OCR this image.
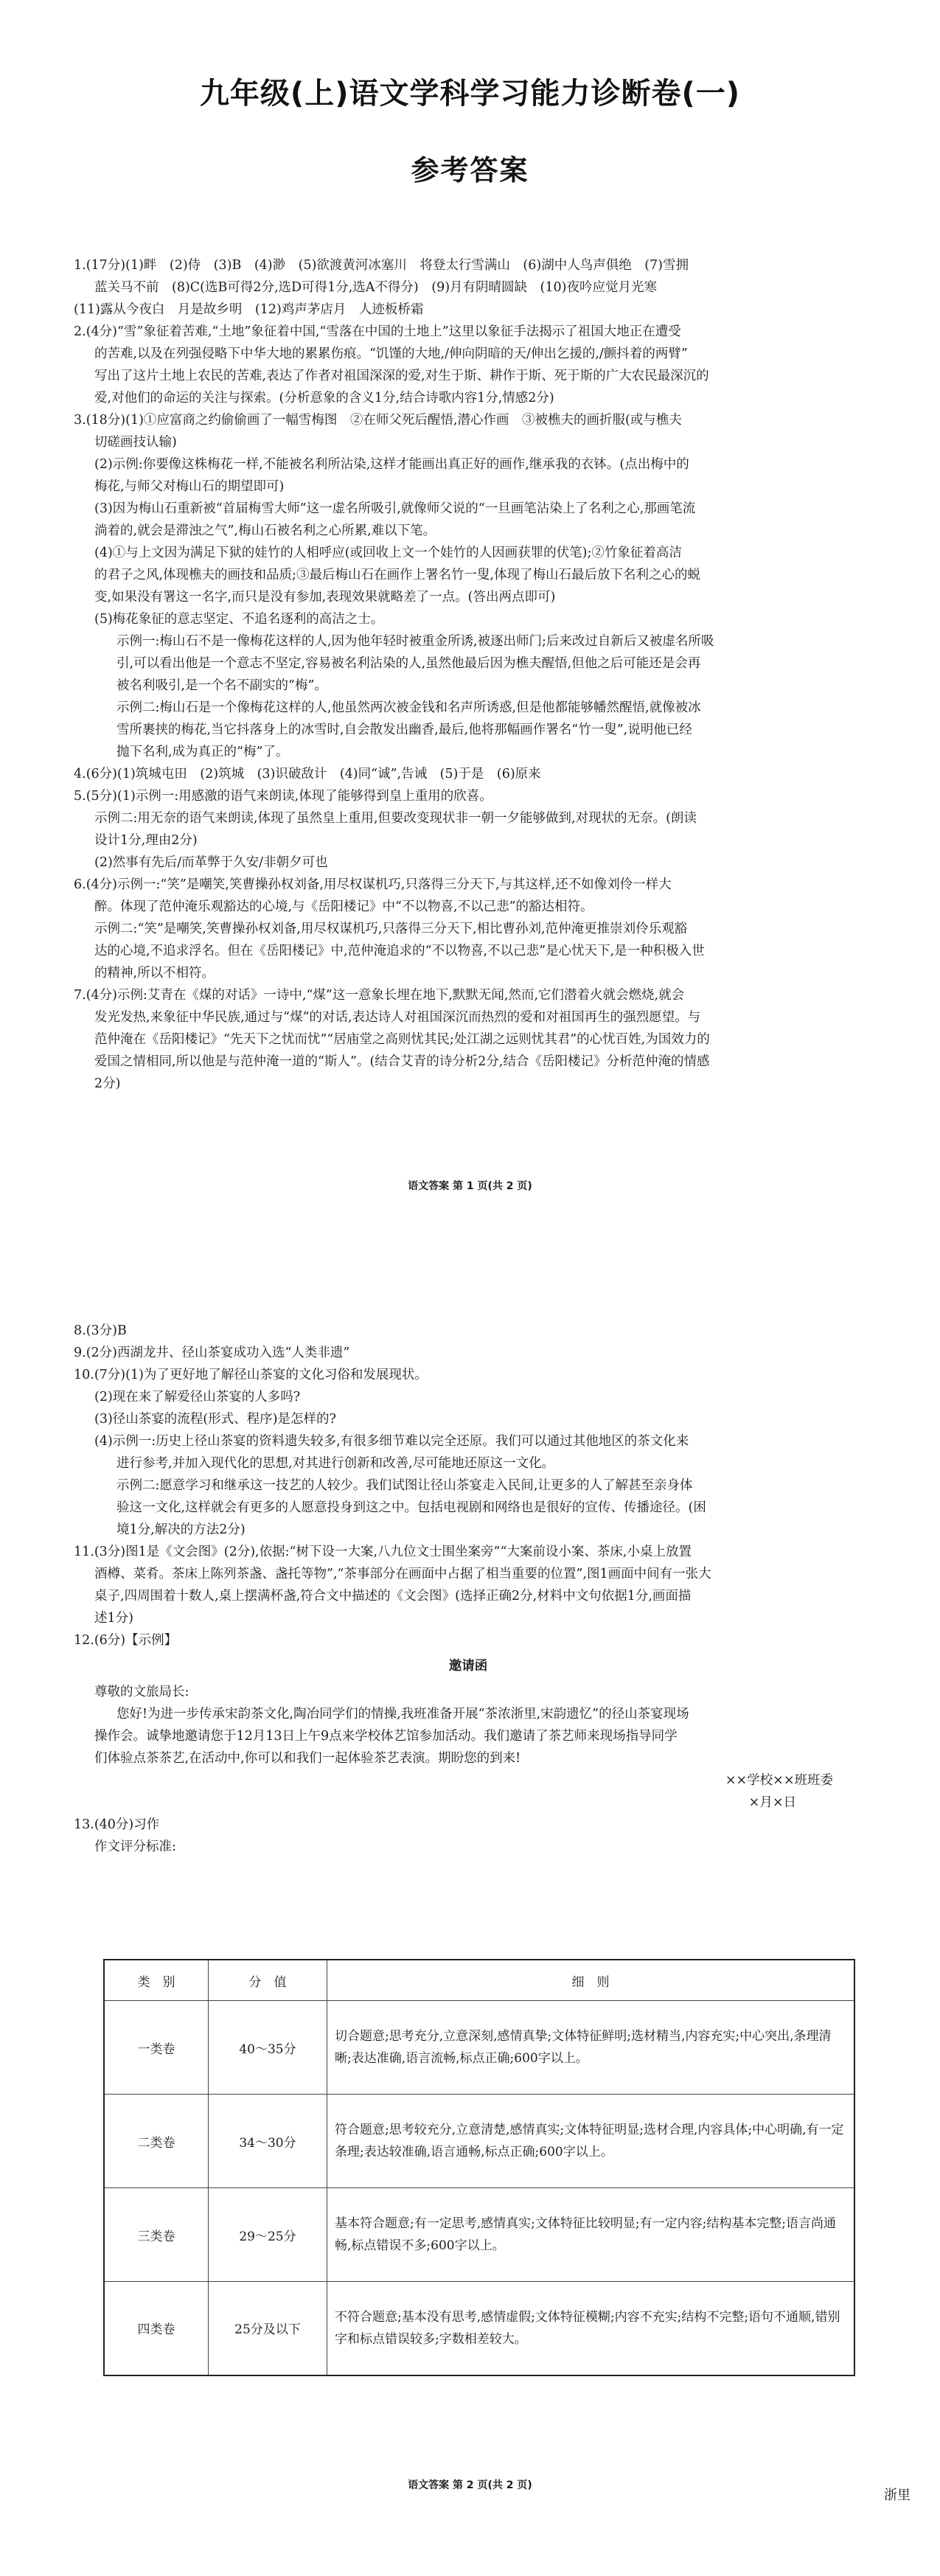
九年级(上)语文学科学习能力诊断卷(一)
参考答案
1.(17分)(1)畔　(2)侍　(3)B　(4)渺　(5)欲渡黄河冰塞川　将登太行雪满山　(6)湖中人鸟声俱绝　(7)雪拥
蓝关马不前　(8)C(选B可得2分,选D可得1分,选A不得分)　(9)月有阴晴圆缺　(10)夜吟应觉月光寒
(11)露从今夜白　月是故乡明　(12)鸡声茅店月　人迹板桥霜
2.(4分)“雪”象征着苦难,“土地”象征着中国,“雪落在中国的土地上”这里以象征手法揭示了祖国大地正在遭受
的苦难,以及在列强侵略下中华大地的累累伤痕。“饥馑的大地,/伸向阴暗的天/伸出乞援的,/颤抖着的两臂”
写出了这片土地上农民的苦难,表达了作者对祖国深深的爱,对生于斯、耕作于斯、死于斯的广大农民最深沉的
爱,对他们的命运的关注与探索。(分析意象的含义1分,结合诗歌内容1分,情感2分)
3.(18分)(1)①应富商之约偷偷画了一幅雪梅图　②在师父死后醒悟,潜心作画　③被樵夫的画折服(或与樵夫
切磋画技认输)
(2)示例:你要像这株梅花一样,不能被名利所沾染,这样才能画出真正好的画作,继承我的衣钵。(点出梅中的
梅花,与师父对梅山石的期望即可)
(3)因为梅山石重新被“首届梅雪大师”这一虚名所吸引,就像师父说的“一旦画笔沾染上了名利之心,那画笔流
淌着的,就会是滞浊之气”,梅山石被名利之心所累,难以下笔。
(4)①与上文因为满足下狱的娃竹的人相呼应(或回收上文一个娃竹的人因画获罪的伏笔);②竹象征着高洁
的君子之风,体现樵夫的画技和品质;③最后梅山石在画作上署名竹一叟,体现了梅山石最后放下名利之心的蜕
变,如果没有署这一名字,而只是没有参加,表现效果就略差了一点。(答出两点即可)
(5)梅花象征的意志坚定、不追名逐利的高洁之士。
示例一:梅山石不是一像梅花这样的人,因为他年轻时被重金所诱,被逐出师门;后来改过自新后又被虚名所吸
引,可以看出他是一个意志不坚定,容易被名利沾染的人,虽然他最后因为樵夫醒悟,但他之后可能还是会再
被名利吸引,是一个名不副实的“梅”。
示例二:梅山石是一个像梅花这样的人,他虽然两次被金钱和名声所诱惑,但是他都能够幡然醒悟,就像被冰
雪所裹挟的梅花,当它抖落身上的冰雪时,自会散发出幽香,最后,他将那幅画作署名“竹一叟”,说明他已经
抛下名利,成为真正的“梅”了。
4.(6分)(1)筑城屯田　(2)筑城　(3)识破敌计　(4)同“诚”,告诫　(5)于是　(6)原来
5.(5分)(1)示例一:用感激的语气来朗读,体现了能够得到皇上重用的欣喜。
示例二:用无奈的语气来朗读,体现了虽然皇上重用,但要改变现状非一朝一夕能够做到,对现状的无奈。(朗读
设计1分,理由2分)
(2)然事有先后/而革弊于久安/非朝夕可也
6.(4分)示例一:“笑”是嘲笑,笑曹操孙权刘备,用尽权谋机巧,只落得三分天下,与其这样,还不如像刘伶一样大
醉。体现了范仲淹乐观豁达的心境,与《岳阳楼记》中“不以物喜,不以己悲”的豁达相符。
示例二:“笑”是嘲笑,笑曹操孙权刘备,用尽权谋机巧,只落得三分天下,相比曹孙刘,范仲淹更推崇刘伶乐观豁
达的心境,不追求浮名。但在《岳阳楼记》中,范仲淹追求的“不以物喜,不以己悲”是心忧天下,是一种积极入世
的精神,所以不相符。
7.(4分)示例:艾青在《煤的对话》一诗中,“煤”这一意象长埋在地下,默默无闻,然而,它们潜着火就会燃烧,就会
发光发热,来象征中华民族,通过与“煤”的对话,表达诗人对祖国深沉而热烈的爱和对祖国再生的强烈愿望。与
范仲淹在《岳阳楼记》“先天下之忧而忧”“居庙堂之高则忧其民;处江湖之远则忧其君”的心忧百姓,为国效力的
爱国之情相同,所以他是与范仲淹一道的“斯人”。(结合艾青的诗分析2分,结合《岳阳楼记》分析范仲淹的情感
2分)
语文答案 第 1 页(共 2 页)
8.(3分)B
9.(2分)西湖龙井、径山茶宴成功入选“人类非遗”
10.(7分)(1)为了更好地了解径山茶宴的文化习俗和发展现状。
(2)现在来了解爱径山茶宴的人多吗?
(3)径山茶宴的流程(形式、程序)是怎样的?
(4)示例一:历史上径山茶宴的资料遗失较多,有很多细节难以完全还原。我们可以通过其他地区的茶文化来
进行参考,并加入现代化的思想,对其进行创新和改善,尽可能地还原这一文化。
示例二:愿意学习和继承这一技艺的人较少。我们试图让径山茶宴走入民间,让更多的人了解甚至亲身体
验这一文化,这样就会有更多的人愿意投身到这之中。包括电视剧和网络也是很好的宣传、传播途径。(困
境1分,解决的方法2分)
11.(3分)图1是《文会图》(2分),依据:“树下设一大案,八九位文士围坐案旁”“大案前设小案、茶床,小桌上放置
酒樽、菜肴。茶床上陈列茶盏、盏托等物”,“茶事部分在画面中占据了相当重要的位置”,图1画面中间有一张大
桌子,四周围着十数人,桌上摆满杯盏,符合文中描述的《文会图》(选择正确2分,材料中文句依据1分,画面描
述1分)
12.(6分)【示例】
邀请函
尊敬的文旅局长:
您好!为进一步传承宋韵茶文化,陶冶同学们的情操,我班准备开展“茶浓浙里,宋韵遗忆”的径山茶宴现场
操作会。诚挚地邀请您于12月13日上午9点来学校体艺馆参加活动。我们邀请了茶艺师来现场指导同学
们体验点茶茶艺,在活动中,你可以和我们一起体验茶艺表演。期盼您的到来!
××学校××班班委
×月×日
13.(40分)习作
作文评分标准:
类　别	分　值	细　则
一类卷	40～35分	切合题意;思考充分,立意深刻,感情真挚;文体特征鲜明;选材精当,内容充实;中心突出,条理清晰;表达准确,语言流畅,标点正确;600字以上。
二类卷	34～30分	符合题意;思考较充分,立意清楚,感情真实;文体特征明显;选材合理,内容具体;中心明确,有一定条理;表达较准确,语言通畅,标点正确;600字以上。
三类卷	29～25分	基本符合题意;有一定思考,感情真实;文体特征比较明显;有一定内容;结构基本完整;语言尚通畅,标点错误不多;600字以上。
四类卷	25分及以下	不符合题意;基本没有思考,感情虚假;文体特征模糊;内容不充实;结构不完整;语句不通顺,错别字和标点错误较多;字数相差较大。
语文答案 第 2 页(共 2 页)
浙里
